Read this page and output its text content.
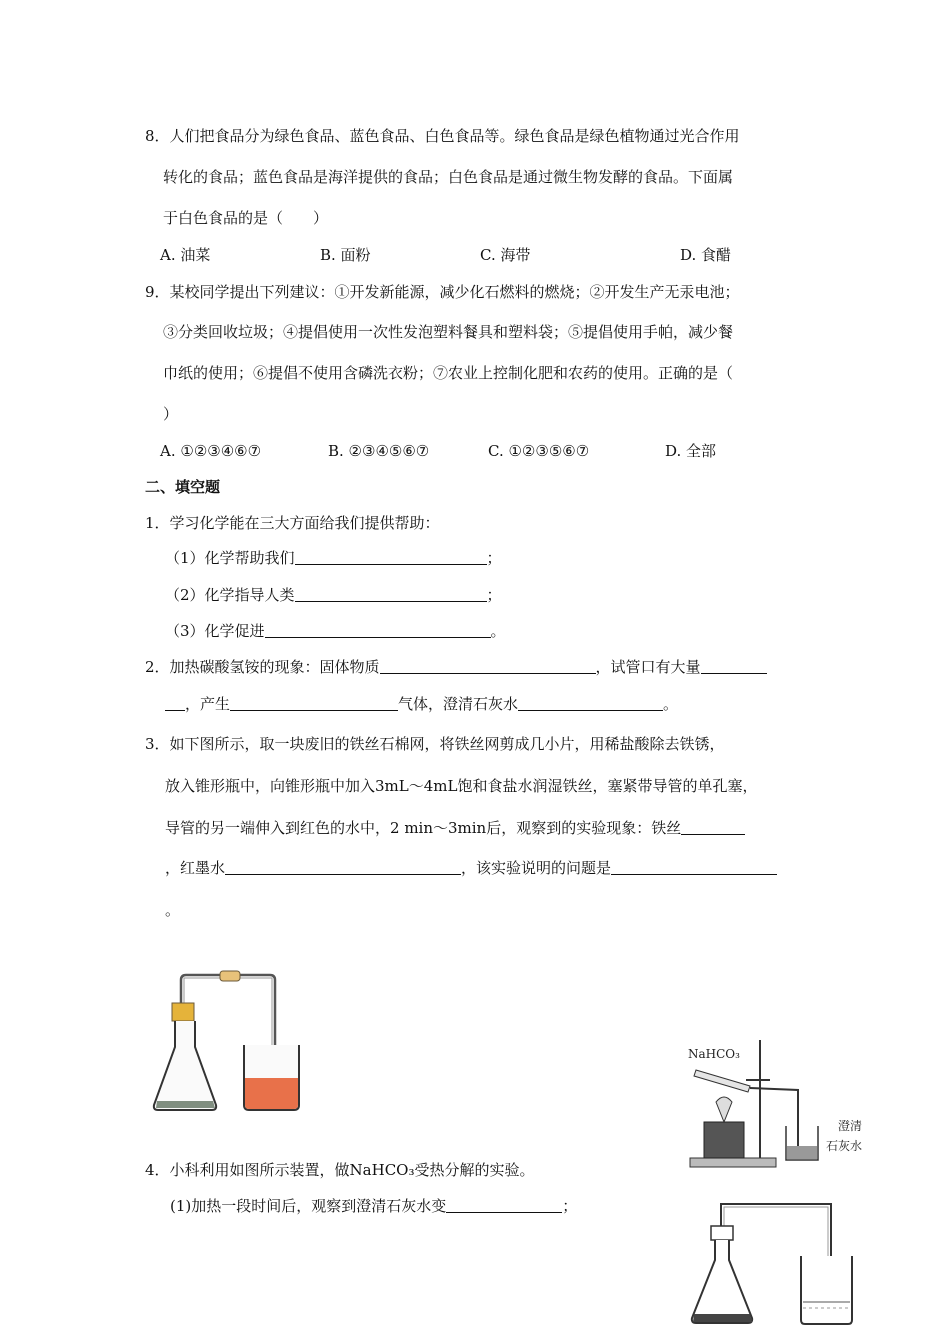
8．人们把食品分为绿色食品、蓝色食品、白色食品等。绿色食品是绿色植物通过光合作用
转化的食品；蓝色食品是海洋提供的食品；白色食品是通过微生物发酵的食品。下面属
于白色食品的是（　　）
A. 油菜	B. 面粉	C. 海带	D. 食醋
9．某校同学提出下列建议：①开发新能源，减少化石燃料的燃烧；②开发生产无汞电池；
③分类回收垃圾；④提倡使用一次性发泡塑料餐具和塑料袋；⑤提倡使用手帕，减少餐
巾纸的使用；⑥提倡不使用含磷洗衣粉；⑦农业上控制化肥和农药的使用。正确的是（
）
A. ①②③④⑥⑦	B. ②③④⑤⑥⑦	C. ①②③⑤⑥⑦	D. 全部
二、填空题
1．学习化学能在三大方面给我们提供帮助：
（1）化学帮助我们	；
（2）化学指导人类	；
（3）化学促进	。
2．加热碳酸氢铵的现象：固体物质	，试管口有大量
，产生	气体，澄清石灰水	。
3．如下图所示，取一块废旧的铁丝石棉网，将铁丝网剪成几小片，用稀盐酸除去铁锈，
放入锥形瓶中，向锥形瓶中加入3mL～4mL饱和食盐水润湿铁丝，塞紧带导管的单孔塞，
导管的另一端伸入到红色的水中，2 min～3min后，观察到的实验现象：铁丝
，红墨水	，该实验说明的问题是
。
NaHCO₃
澄清
石灰水
4．小科利用如图所示装置，做NaHCO₃受热分解的实验。
(1)加热一段时间后，观察到澄清石灰水变	；
